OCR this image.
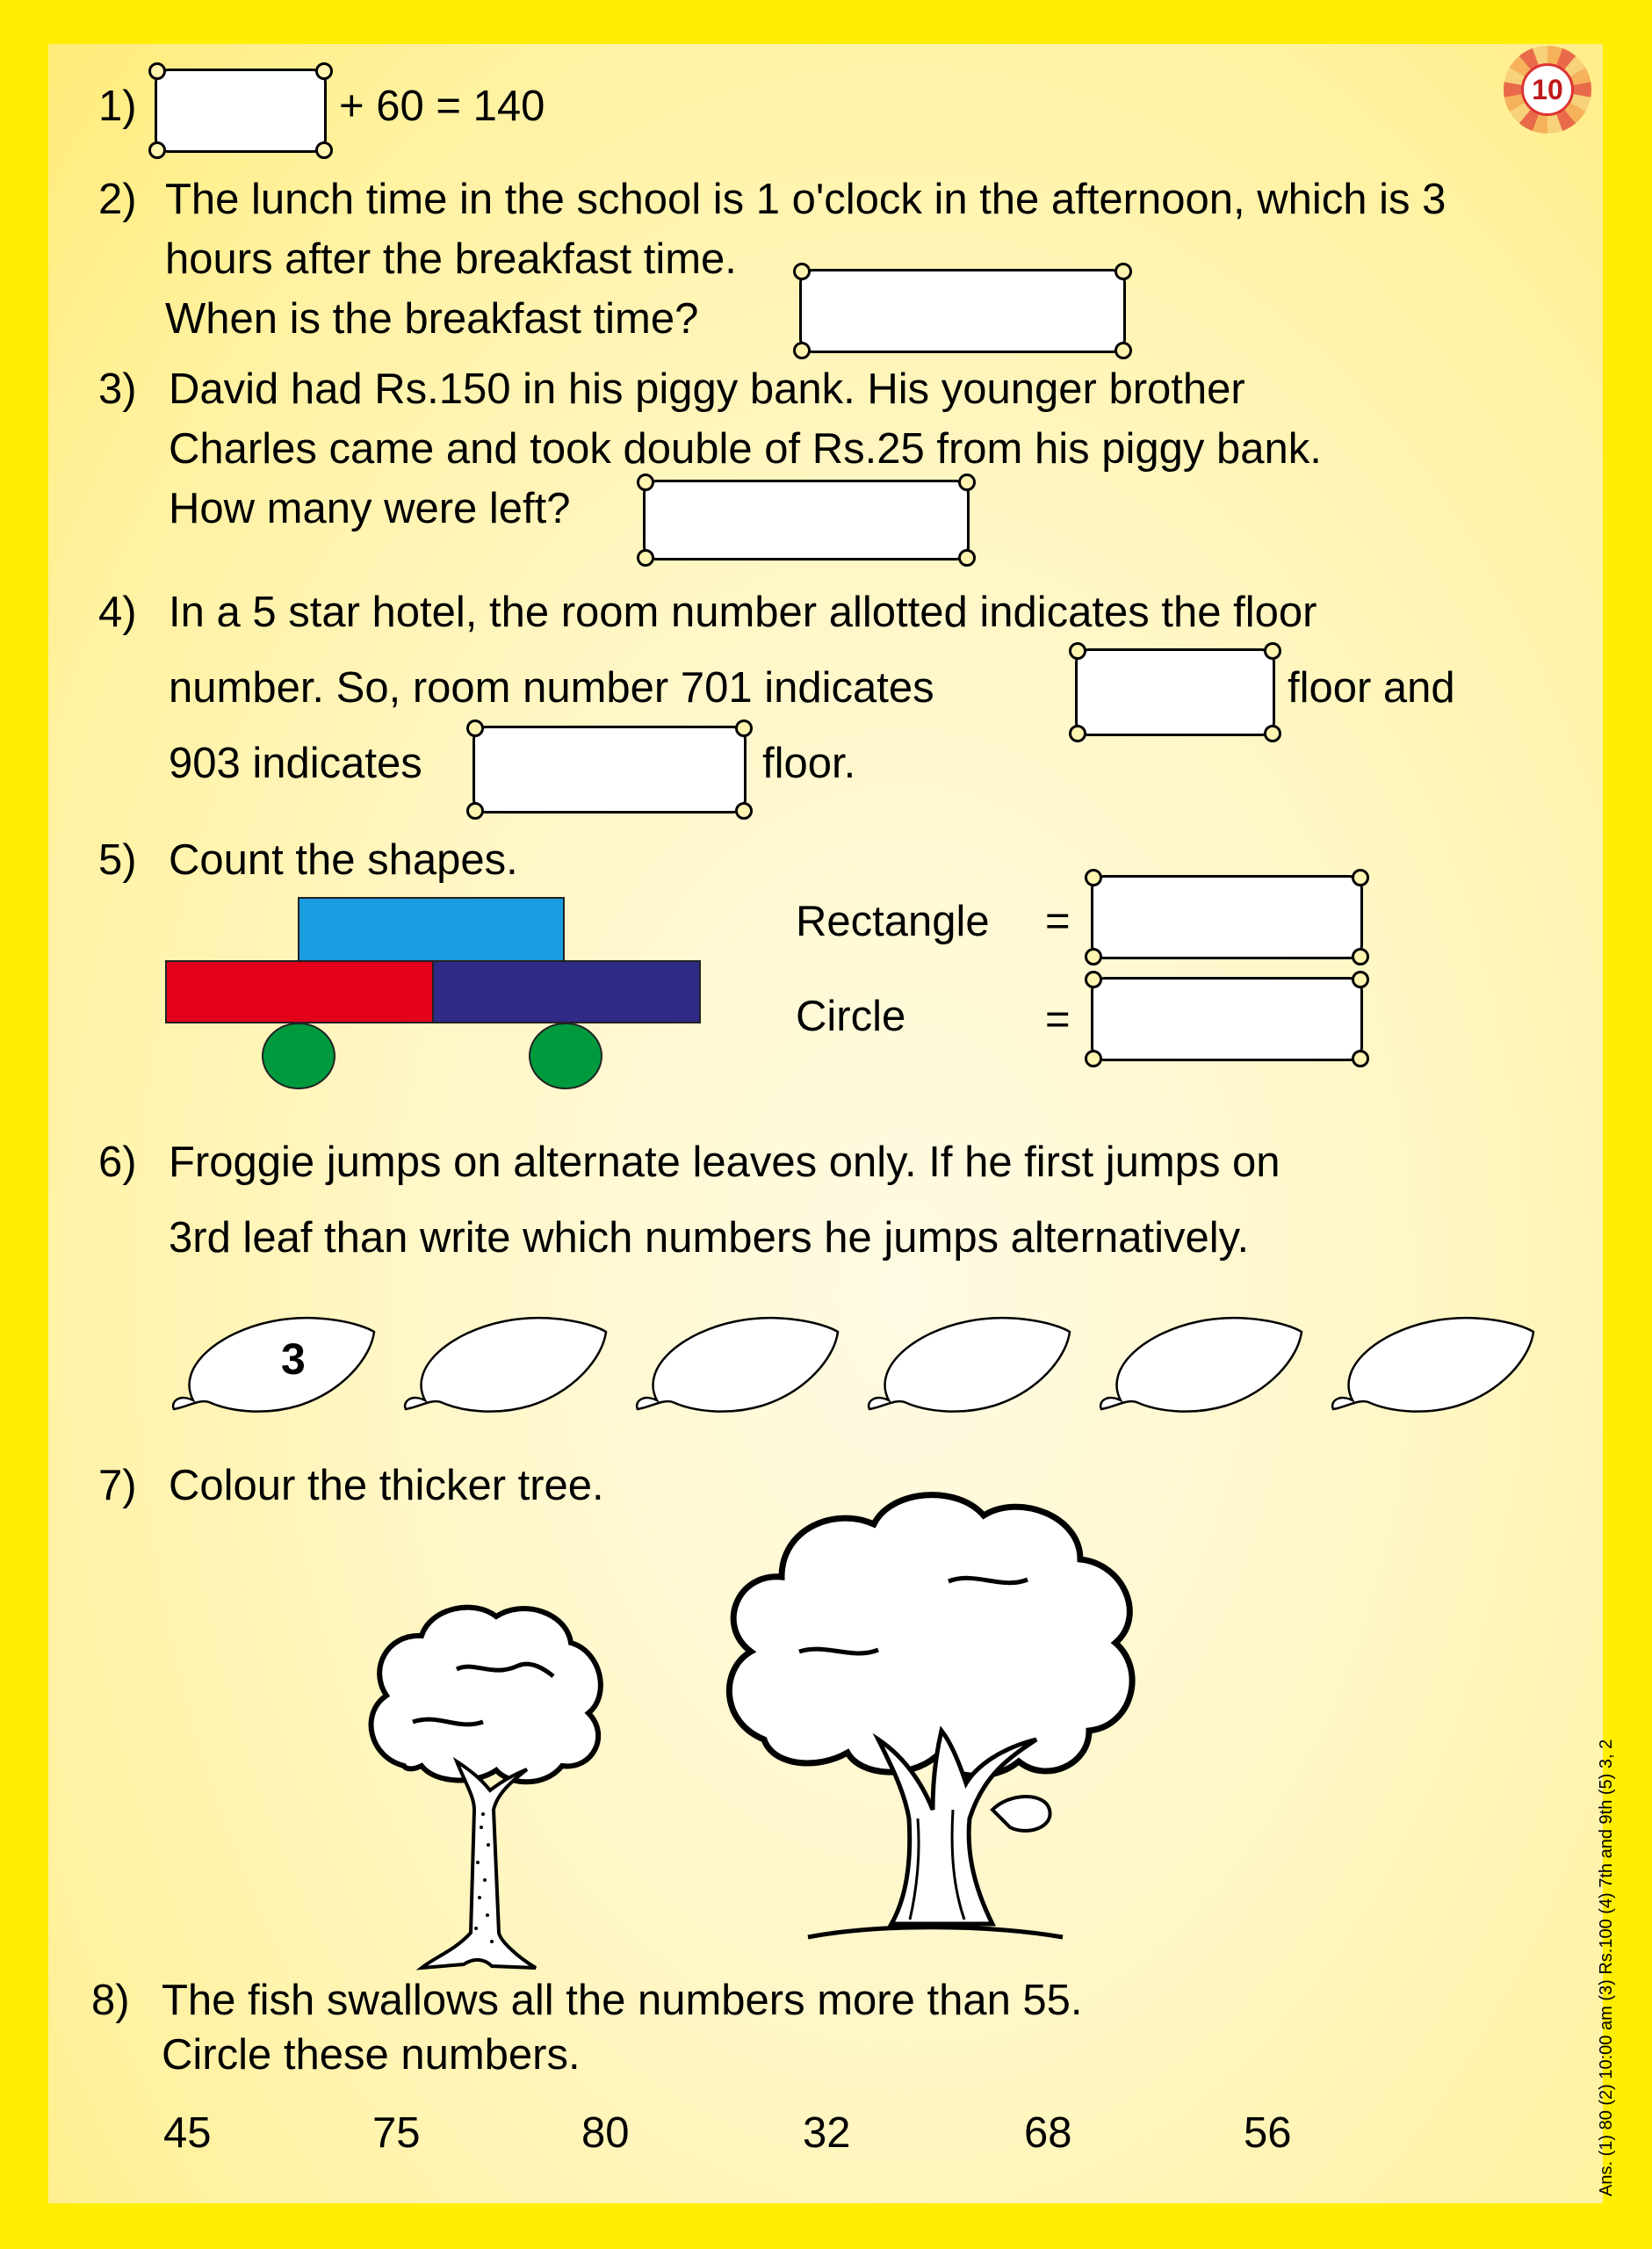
10
1)	+ 60 = 140
2) The lunch time in the school is 1 o'clock in the afternoon, which is 3
hours after the breakfast time.
When is the breakfast time?
3) David had Rs.150 in his piggy bank. His younger brother
Charles came and took double of Rs.25 from his piggy bank.
How many were left?
4) In a 5 star hotel, the room number allotted indicates the floor
number. So, room number 701 indicates	floor and
903 indicates	floor.
5) Count the shapes.
Rectangle =
Circle	=
6) Froggie jumps on alternate leaves only. If he first jumps on
3rd leaf than write which numbers he jumps alternatively.
3
7) Colour the thicker tree.
8) The fish swallows all the numbers more than 55.
Circle these numbers.
45	75	80	32	68	56	Ans. (1) 80 (2) 10:00 am (3) Rs.100 (4) 7th and 9th (5) 3, 2
